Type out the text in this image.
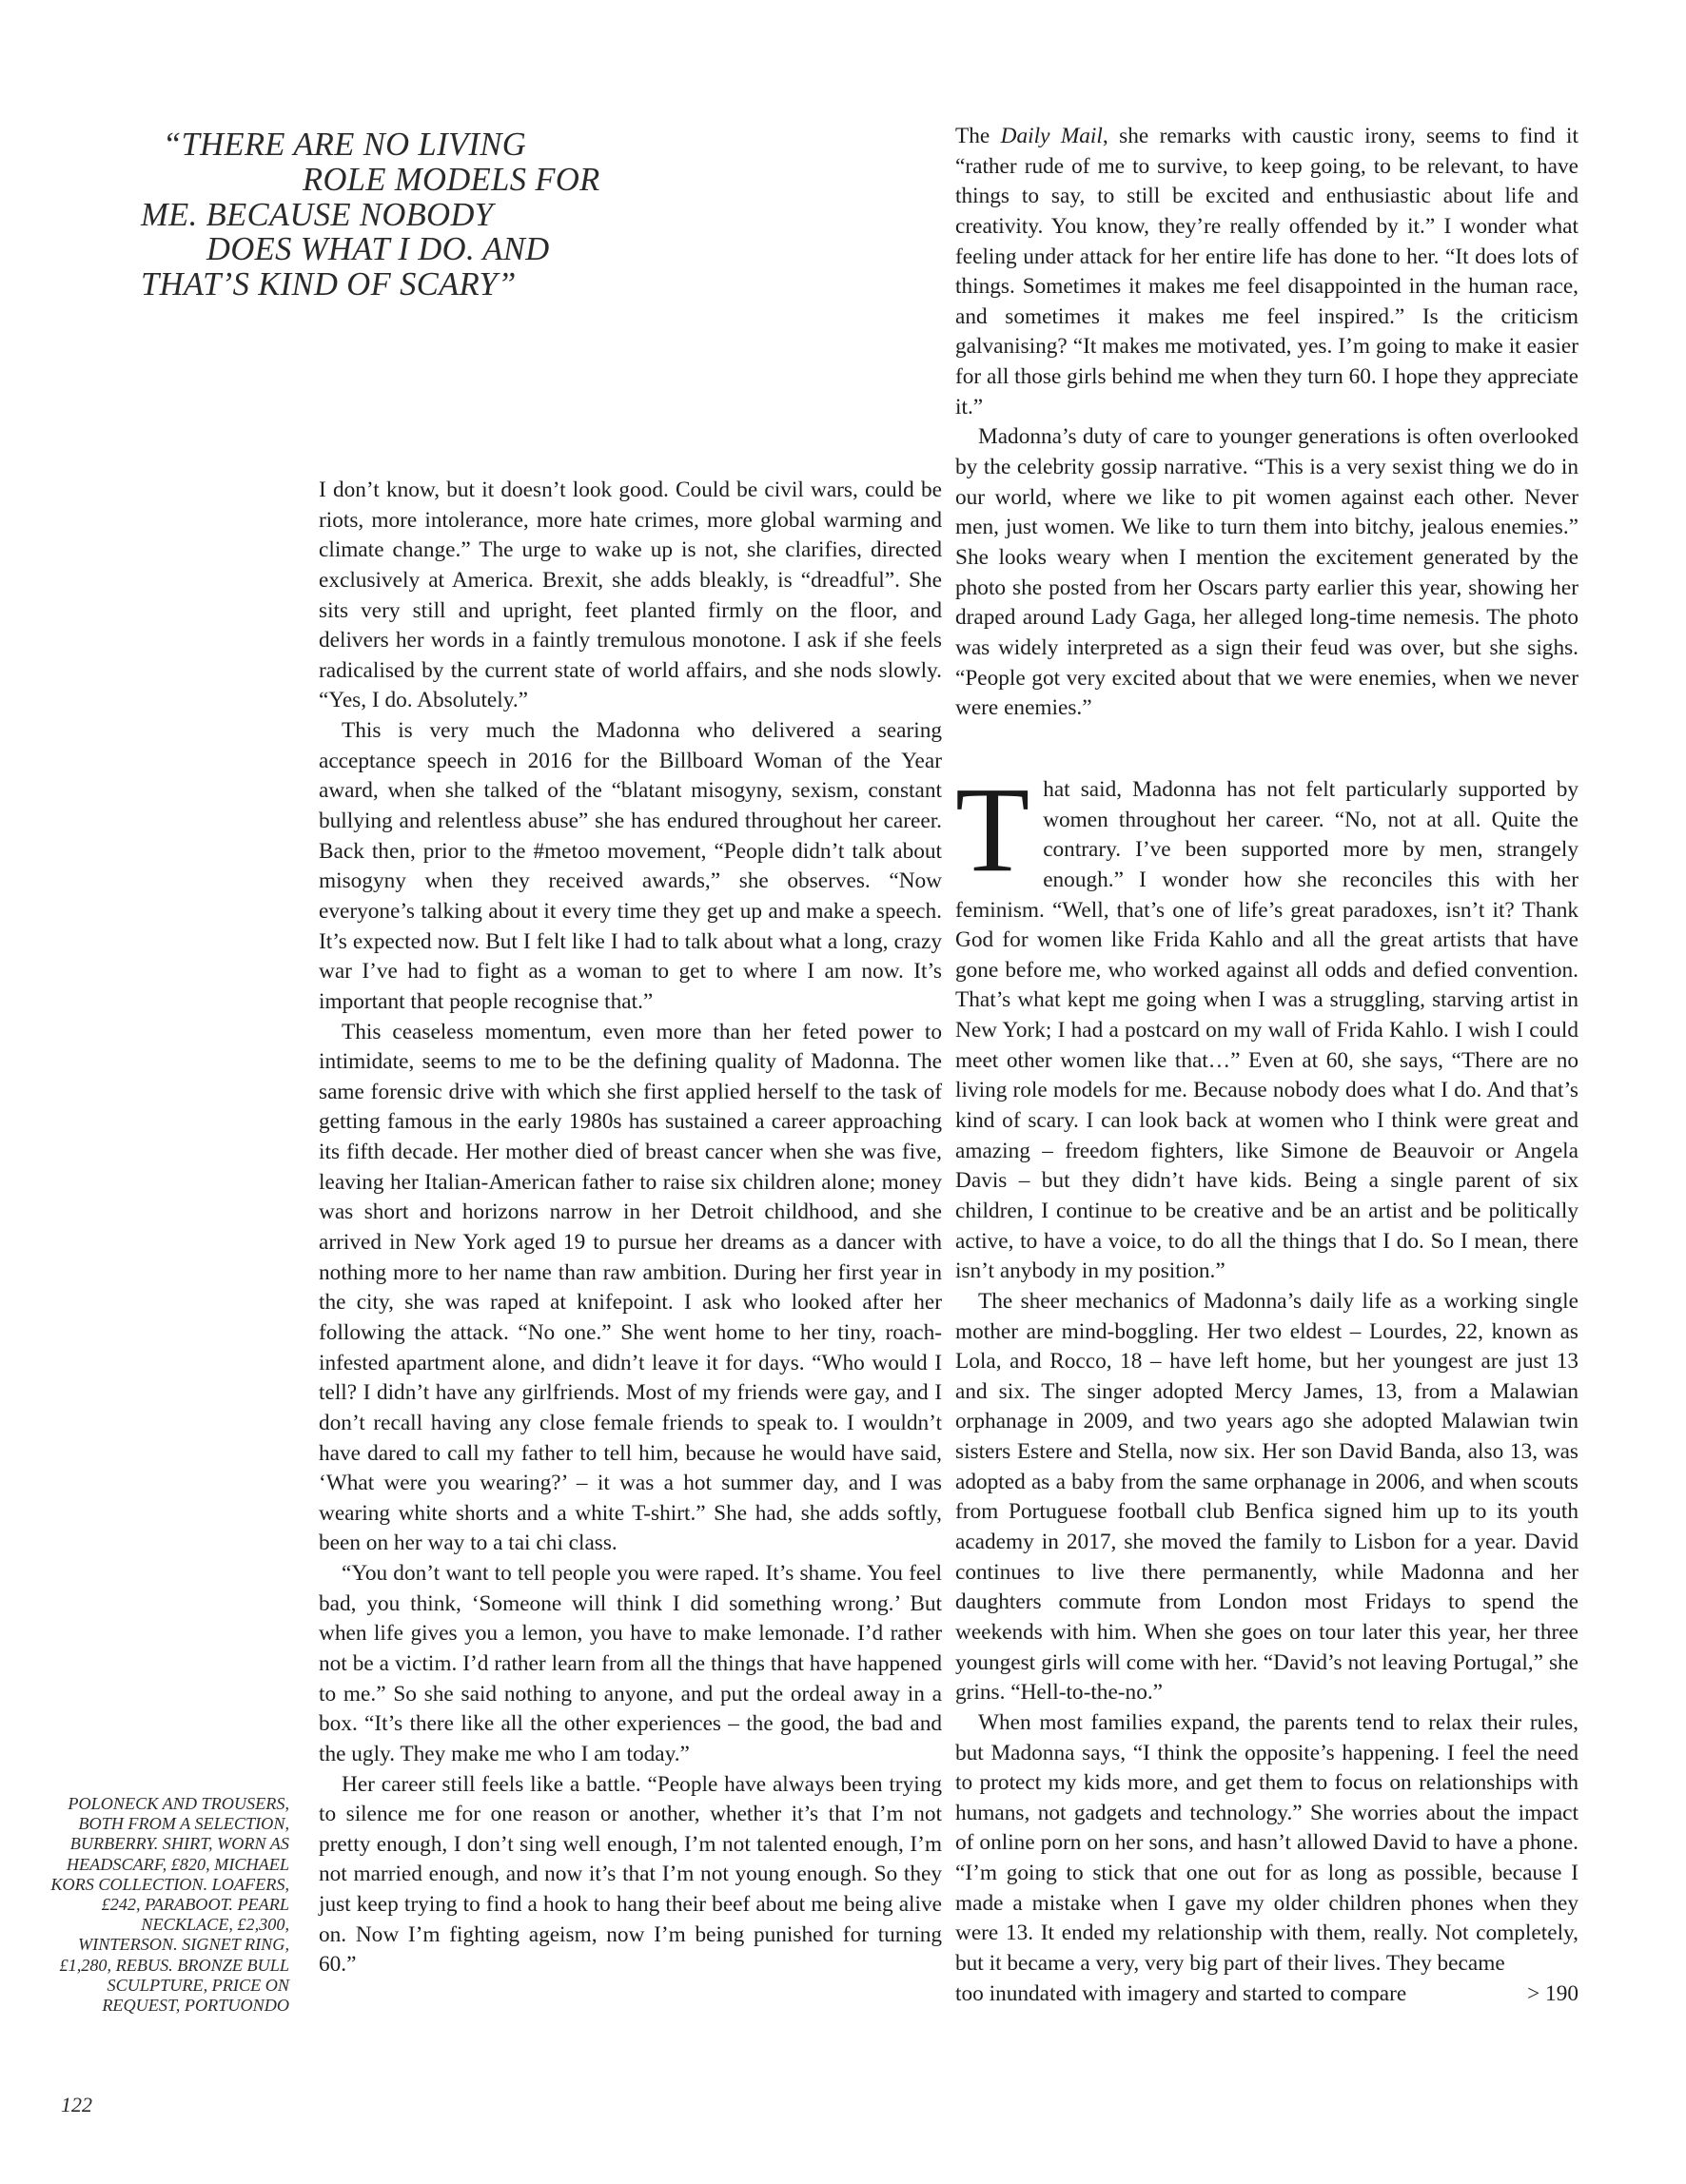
“THERE ARE NO LIVING
ROLE MODELS FOR
ME. BECAUSE NOBODY
DOES WHAT I DO. AND
THAT’S KIND OF SCARY”

I don’t know, but it doesn’t look good. Could be civil wars, could be riots, more intolerance, more hate crimes, more global warming and climate change.” The urge to wake up is not, she clarifies, directed exclusively at America. Brexit, she adds bleakly, is “dreadful”. She sits very still and upright, feet planted firmly on the floor, and delivers her words in a faintly tremulous monotone. I ask if she feels radicalised by the current state of world affairs, and she nods slowly. “Yes, I do. Absolutely.”

This is very much the Madonna who delivered a searing acceptance speech in 2016 for the Billboard Woman of the Year award, when she talked of the “blatant misogyny, sexism, constant bullying and relentless abuse” she has endured throughout her career. Back then, prior to the #metoo movement, “People didn’t talk about misogyny when they received awards,” she observes. “Now everyone’s talking about it every time they get up and make a speech. It’s expected now. But I felt like I had to talk about what a long, crazy war I’ve had to fight as a woman to get to where I am now. It’s important that people recognise that.”

This ceaseless momentum, even more than her feted power to intimidate, seems to me to be the defining quality of Madonna. The same forensic drive with which she first applied herself to the task of getting famous in the early 1980s has sustained a career approaching its fifth decade. Her mother died of breast cancer when she was five, leaving her Italian-American father to raise six children alone; money was short and horizons narrow in her Detroit childhood, and she arrived in New York aged 19 to pursue her dreams as a dancer with nothing more to her name than raw ambition. During her first year in the city, she was raped at knifepoint. I ask who looked after her following the attack. “No one.” She went home to her tiny, roach-infested apartment alone, and didn’t leave it for days. “Who would I tell? I didn’t have any girlfriends. Most of my friends were gay, and I don’t recall having any close female friends to speak to. I wouldn’t have dared to call my father to tell him, because he would have said, ‘What were you wearing?’ – it was a hot summer day, and I was wearing white shorts and a white T-shirt.” She had, she adds softly, been on her way to a tai chi class.

“You don’t want to tell people you were raped. It’s shame. You feel bad, you think, ‘Someone will think I did something wrong.’ But when life gives you a lemon, you have to make lemonade. I’d rather not be a victim. I’d rather learn from all the things that have happened to me.” So she said nothing to anyone, and put the ordeal away in a box. “It’s there like all the other experiences – the good, the bad and the ugly. They make me who I am today.”

Her career still feels like a battle. “People have always been trying to silence me for one reason or another, whether it’s that I’m not pretty enough, I don’t sing well enough, I’m not talented enough, I’m not married enough, and now it’s that I’m not young enough. So they just keep trying to find a hook to hang their beef about me being alive on. Now I’m fighting ageism, now I’m being punished for turning 60.”

The Daily Mail, she remarks with caustic irony, seems to find it “rather rude of me to survive, to keep going, to be relevant, to have things to say, to still be excited and enthusiastic about life and creativity. You know, they’re really offended by it.” I wonder what feeling under attack for her entire life has done to her. “It does lots of things. Sometimes it makes me feel disappointed in the human race, and sometimes it makes me feel inspired.” Is the criticism galvanising? “It makes me motivated, yes. I’m going to make it easier for all those girls behind me when they turn 60. I hope they appreciate it.”

Madonna’s duty of care to younger generations is often overlooked by the celebrity gossip narrative. “This is a very sexist thing we do in our world, where we like to pit women against each other. Never men, just women. We like to turn them into bitchy, jealous enemies.” She looks weary when I mention the excitement generated by the photo she posted from her Oscars party earlier this year, showing her draped around Lady Gaga, her alleged long-time nemesis. The photo was widely interpreted as a sign their feud was over, but she sighs. “People got very excited about that we were enemies, when we never were enemies.”

That said, Madonna has not felt particularly supported by women throughout her career. “No, not at all. Quite the contrary. I’ve been supported more by men, strangely enough.” I wonder how she reconciles this with her feminism. “Well, that’s one of life’s great paradoxes, isn’t it? Thank God for women like Frida Kahlo and all the great artists that have gone before me, who worked against all odds and defied convention. That’s what kept me going when I was a struggling, starving artist in New York; I had a postcard on my wall of Frida Kahlo. I wish I could meet other women like that…” Even at 60, she says, “There are no living role models for me. Because nobody does what I do. And that’s kind of scary. I can look back at women who I think were great and amazing – freedom fighters, like Simone de Beauvoir or Angela Davis – but they didn’t have kids. Being a single parent of six children, I continue to be creative and be an artist and be politically active, to have a voice, to do all the things that I do. So I mean, there isn’t anybody in my position.”

The sheer mechanics of Madonna’s daily life as a working single mother are mind-boggling. Her two eldest – Lourdes, 22, known as Lola, and Rocco, 18 – have left home, but her youngest are just 13 and six. The singer adopted Mercy James, 13, from a Malawian orphanage in 2009, and two years ago she adopted Malawian twin sisters Estere and Stella, now six. Her son David Banda, also 13, was adopted as a baby from the same orphanage in 2006, and when scouts from Portuguese football club Benfica signed him up to its youth academy in 2017, she moved the family to Lisbon for a year. David continues to live there permanently, while Madonna and her daughters commute from London most Fridays to spend the weekends with him. When she goes on tour later this year, her three youngest girls will come with her. “David’s not leaving Portugal,” she grins. “Hell-to-the-no.”

When most families expand, the parents tend to relax their rules, but Madonna says, “I think the opposite’s happening. I feel the need to protect my kids more, and get them to focus on relationships with humans, not gadgets and technology.” She worries about the impact of online porn on her sons, and hasn’t allowed David to have a phone. “I’m going to stick that one out for as long as possible, because I made a mistake when I gave my older children phones when they were 13. It ended my relationship with them, really. Not completely, but it became a very, very big part of their lives. They became

too inundated with imagery and started to compare	> 190
POLONECK AND TROUSERS, BOTH FROM A SELECTION, BURBERRY. SHIRT, WORN AS HEADSCARF, £820, MICHAEL KORS COLLECTION. LOAFERS, £242, PARABOOT. PEARL NECKLACE, £2,300, WINTERSON. SIGNET RING, £1,280, REBUS. BRONZE BULL SCULPTURE, PRICE ON REQUEST, PORTUONDO
122
